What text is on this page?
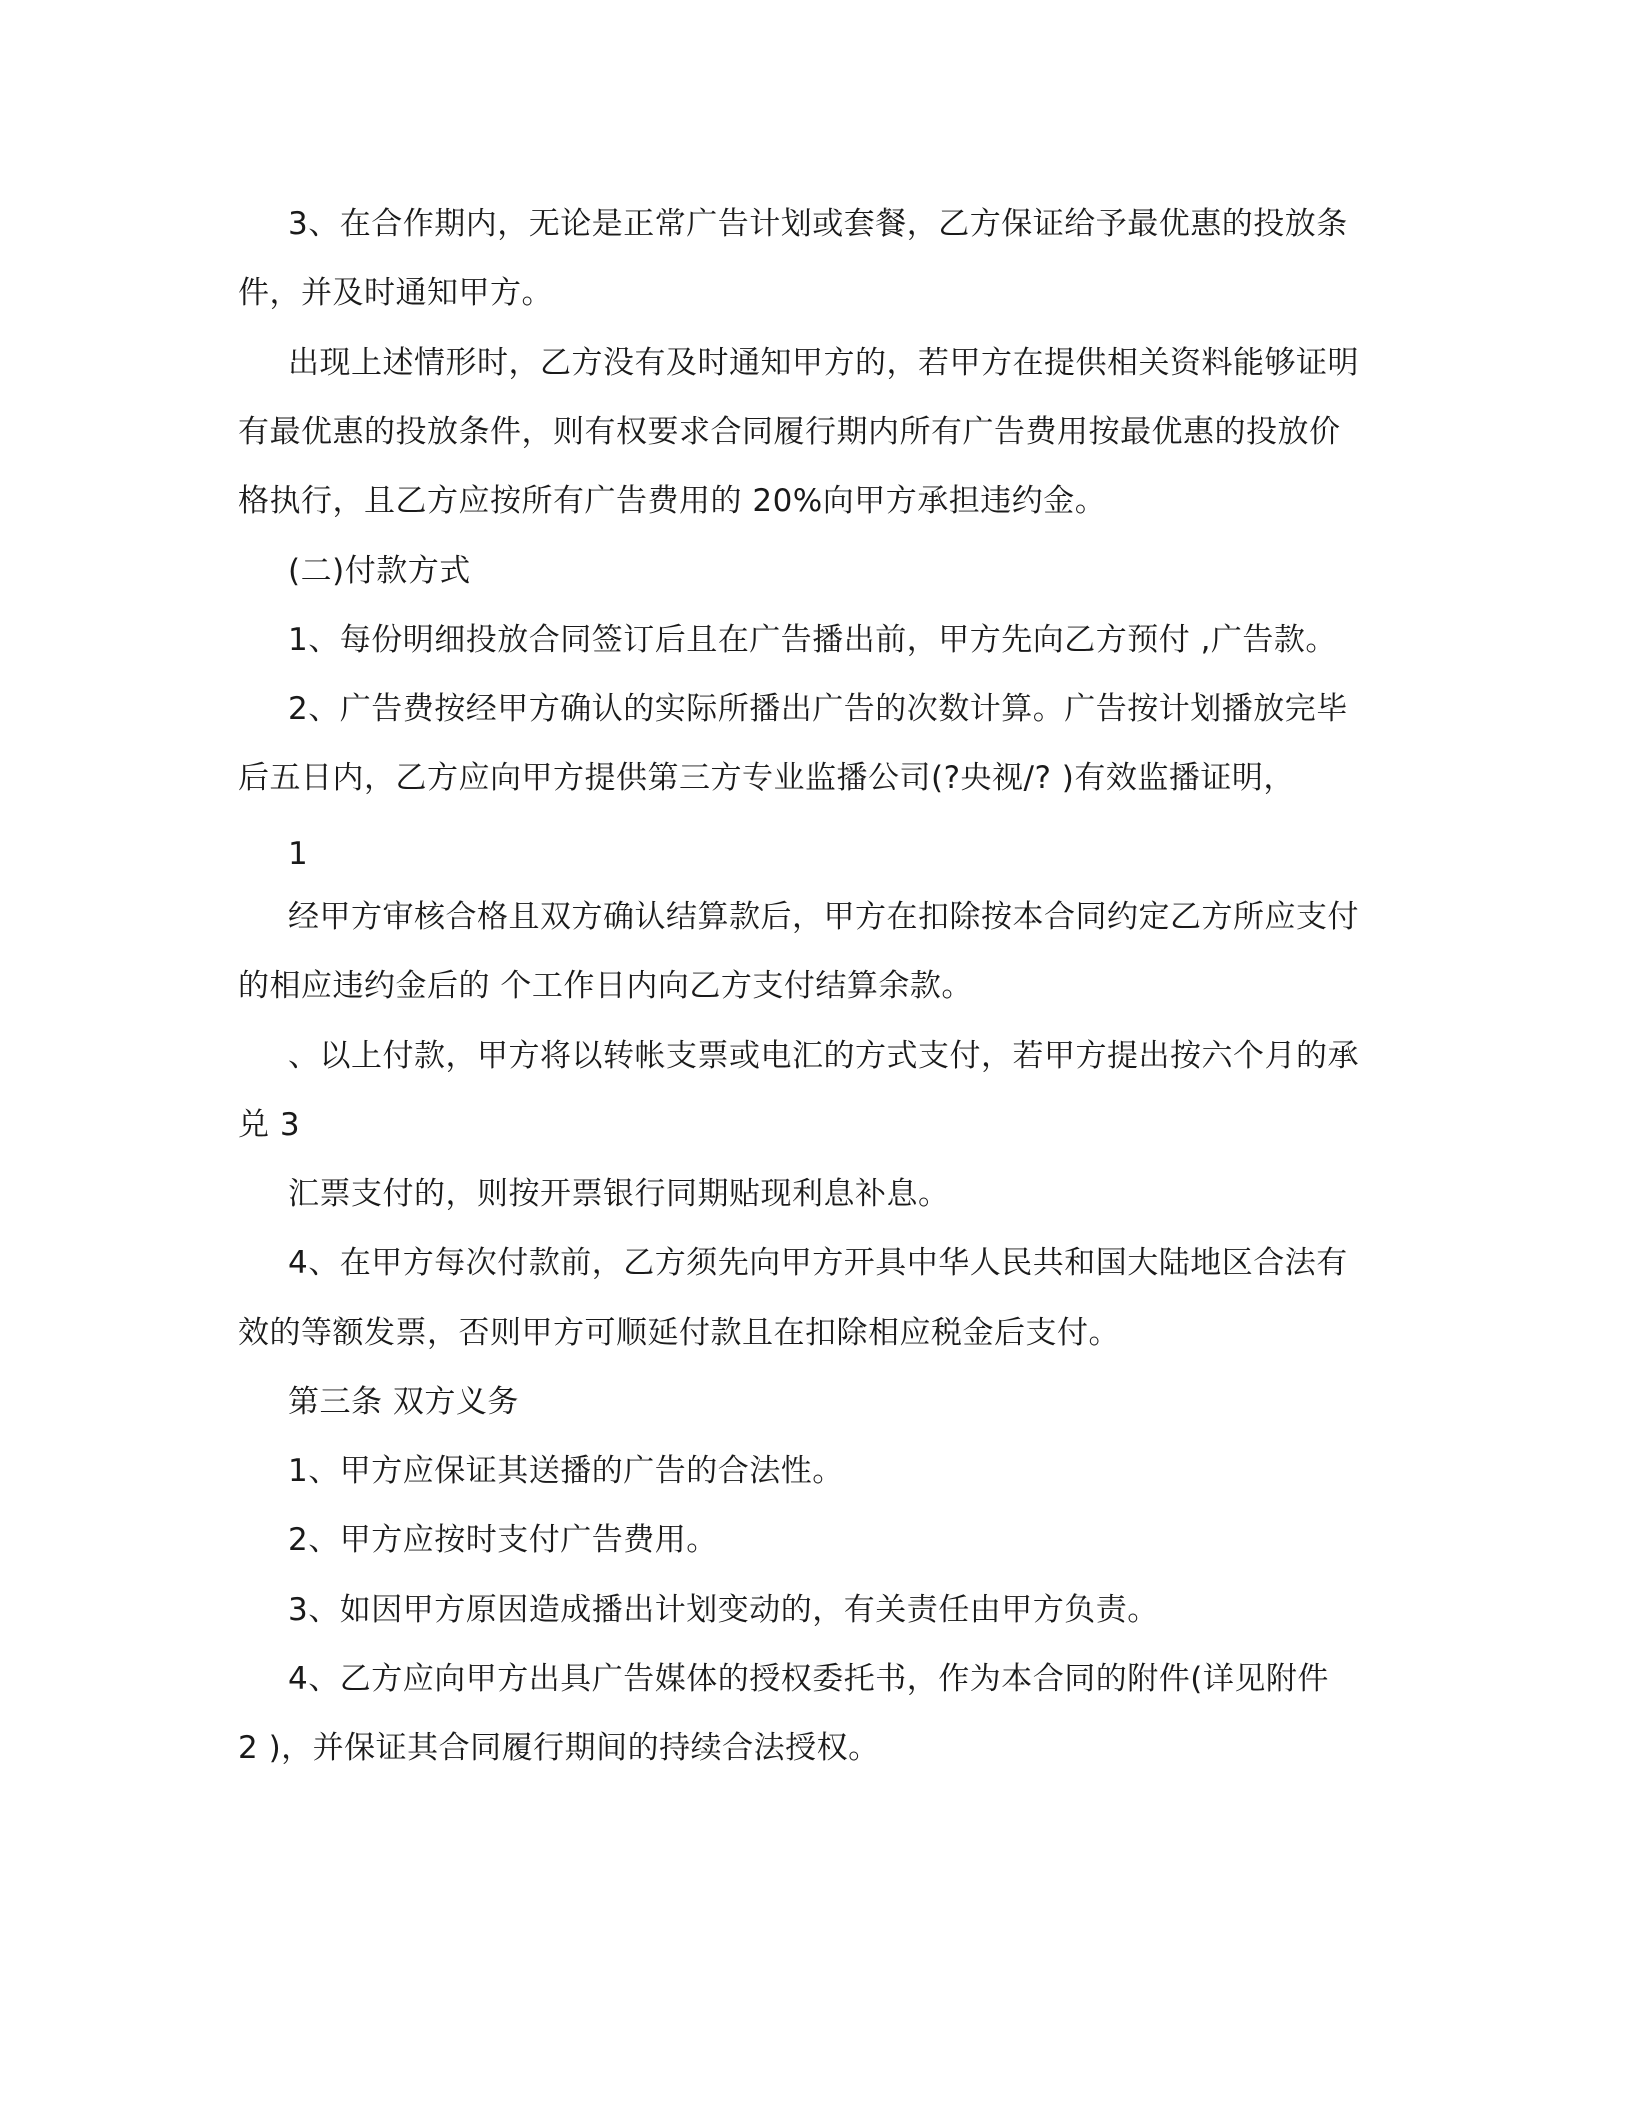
3、在合作期内，无论是正常广告计划或套餐，乙方保证给予最优惠的投放条

件，并及时通知甲方。

出现上述情形时，乙方没有及时通知甲方的，若甲方在提供相关资料能够证明

有最优惠的投放条件，则有权要求合同履行期内所有广告费用按最优惠的投放价

格执行，且乙方应按所有广告费用的 20%向甲方承担违约金。

(二)付款方式

1、每份明细投放合同签订后且在广告播出前，甲方先向乙方预付 ,广告款。

2、广告费按经甲方确认的实际所播出广告的次数计算。广告按计划播放完毕

后五日内，乙方应向甲方提供第三方专业监播公司(?央视/? )有效监播证明，

1

经甲方审核合格且双方确认结算款后，甲方在扣除按本合同约定乙方所应支付

的相应违约金后的 个工作日内向乙方支付结算余款。

、以上付款，甲方将以转帐支票或电汇的方式支付，若甲方提出按六个月的承

兑 3

汇票支付的，则按开票银行同期贴现利息补息。

4、在甲方每次付款前，乙方须先向甲方开具中华人民共和国大陆地区合法有

效的等额发票，否则甲方可顺延付款且在扣除相应税金后支付。

第三条 双方义务

1、甲方应保证其送播的广告的合法性。

2、甲方应按时支付广告费用。

3、如因甲方原因造成播出计划变动的，有关责任由甲方负责。

4、乙方应向甲方出具广告媒体的授权委托书，作为本合同的附件(详见附件

2 )，并保证其合同履行期间的持续合法授权。
